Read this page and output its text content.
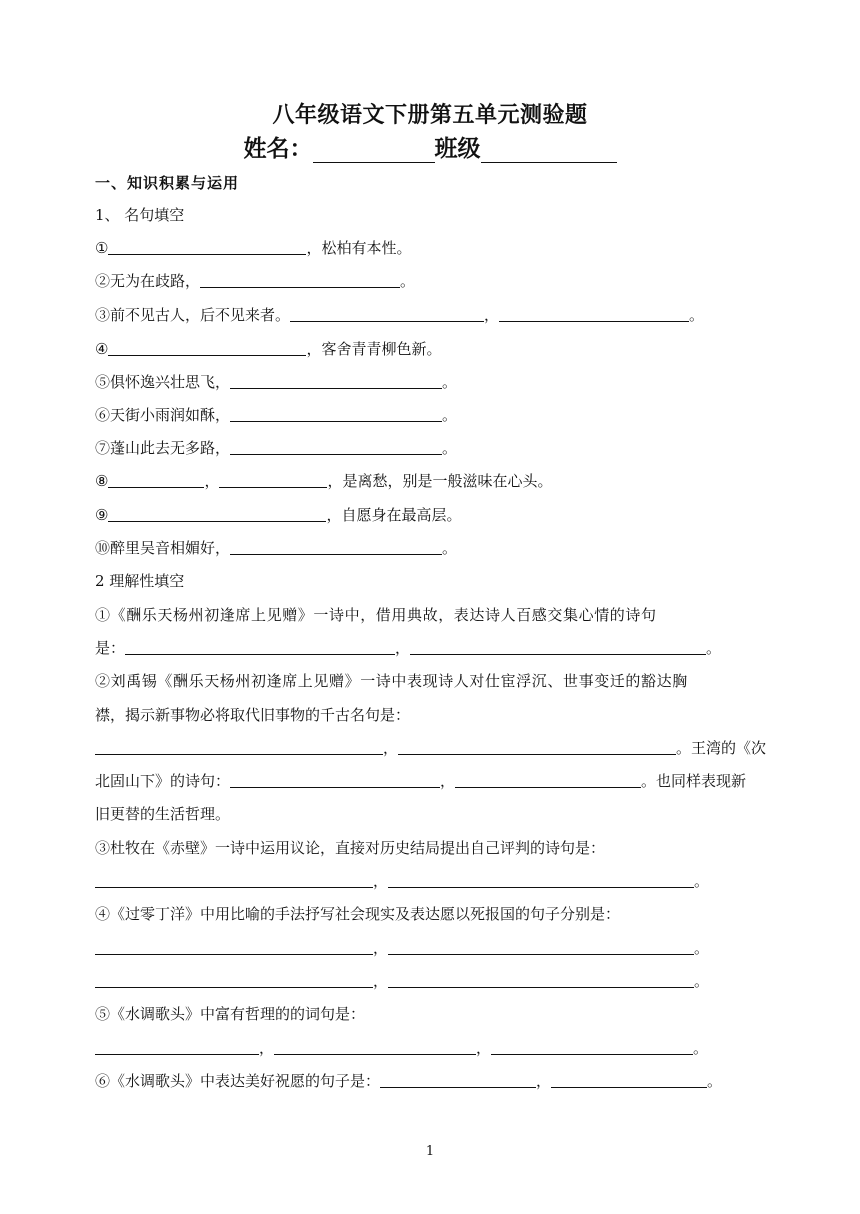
八年级语文下册第五单元测验题
姓名：	班级
一、知识积累与运用
1、 名句填空
①	，松柏有本性。
②无为在歧路，	。
③前不见古人，后不见来者。	，	。
④	，客舍青青柳色新。
⑤俱怀逸兴壮思飞，	。
⑥天街小雨润如酥，	。
⑦蓬山此去无多路，	。
⑧	，	，是离愁，别是一般滋味在心头。
⑨	，自愿身在最高层。
⑩醉里吴音相媚好，	。
2 理解性填空
①《酬乐天杨州初逢席上见赠》一诗中，借用典故，表达诗人百感交集心情的诗句
是：	，	。
②刘禹锡《酬乐天杨州初逢席上见赠》一诗中表现诗人对仕宦浮沉、世事变迁的豁达胸
襟，揭示新事物必将取代旧事物的千古名句是：
，	。王湾的《次
北固山下》的诗句：	，	。也同样表现新
旧更替的生活哲理。
③杜牧在《赤壁》一诗中运用议论，直接对历史结局提出自己评判的诗句是：
，	。
④《过零丁洋》中用比喻的手法抒写社会现实及表达愿以死报国的句子分别是：
，	。
，	。
⑤《水调歌头》中富有哲理的的词句是：
，	，	。
⑥《水调歌头》中表达美好祝愿的句子是：	，	。
1
